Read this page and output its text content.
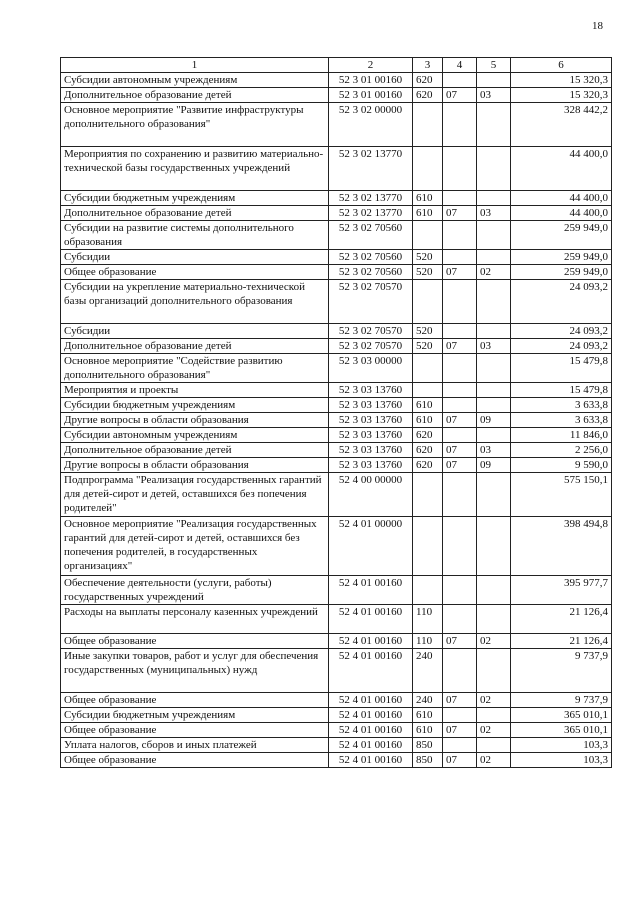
18
1	2	3	4	5	6
Субсидии автономным учреждениям	52 3 01 00160	620			15 320,3
Дополнительное образование детей	52 3 01 00160	620	07	03	15 320,3
Основное мероприятие "Развитие инфраструктуры дополнительного образования"	52 3 02 00000				328 442,2
Мероприятия по сохранению и развитию материально-технической базы государственных учреждений	52 3 02 13770				44 400,0
Субсидии бюджетным учреждениям	52 3 02 13770	610			44 400,0
Дополнительное образование детей	52 3 02 13770	610	07	03	44 400,0
Субсидии на развитие системы дополнительного образования	52 3 02 70560				259 949,0
Субсидии	52 3 02 70560	520			259 949,0
Общее образование	52 3 02 70560	520	07	02	259 949,0
Субсидии на укрепление материально-технической базы организаций дополнительного образования	52 3 02 70570				24 093,2
Субсидии	52 3 02 70570	520			24 093,2
Дополнительное образование детей	52 3 02 70570	520	07	03	24 093,2
Основное мероприятие "Содействие развитию дополнительного образования"	52 3 03 00000				15 479,8
Мероприятия и проекты	52 3 03 13760				15 479,8
Субсидии бюджетным учреждениям	52 3 03 13760	610			3 633,8
Другие вопросы в области образования	52 3 03 13760	610	07	09	3 633,8
Субсидии автономным учреждениям	52 3 03 13760	620			11 846,0
Дополнительное образование детей	52 3 03 13760	620	07	03	2 256,0
Другие вопросы в области образования	52 3 03 13760	620	07	09	9 590,0
Подпрограмма "Реализация государственных гарантий для детей-сирот и детей, оставшихся без попечения родителей"	52 4 00 00000				575 150,1
Основное мероприятие "Реализация государственных гарантий для детей-сирот и детей, оставшихся без попечения родителей, в государственных организациях"	52 4 01 00000				398 494,8
Обеспечение деятельности (услуги, работы) государственных учреждений	52 4 01 00160				395 977,7
Расходы на выплаты персоналу казенных учреждений	52 4 01 00160	110			21 126,4
Общее образование	52 4 01 00160	110	07	02	21 126,4
Иные закупки товаров, работ и услуг для обеспечения государственных (муниципальных) нужд	52 4 01 00160	240			9 737,9
Общее образование	52 4 01 00160	240	07	02	9 737,9
Субсидии бюджетным учреждениям	52 4 01 00160	610			365 010,1
Общее образование	52 4 01 00160	610	07	02	365 010,1
Уплата налогов, сборов и иных платежей	52 4 01 00160	850			103,3
Общее образование	52 4 01 00160	850	07	02	103,3
